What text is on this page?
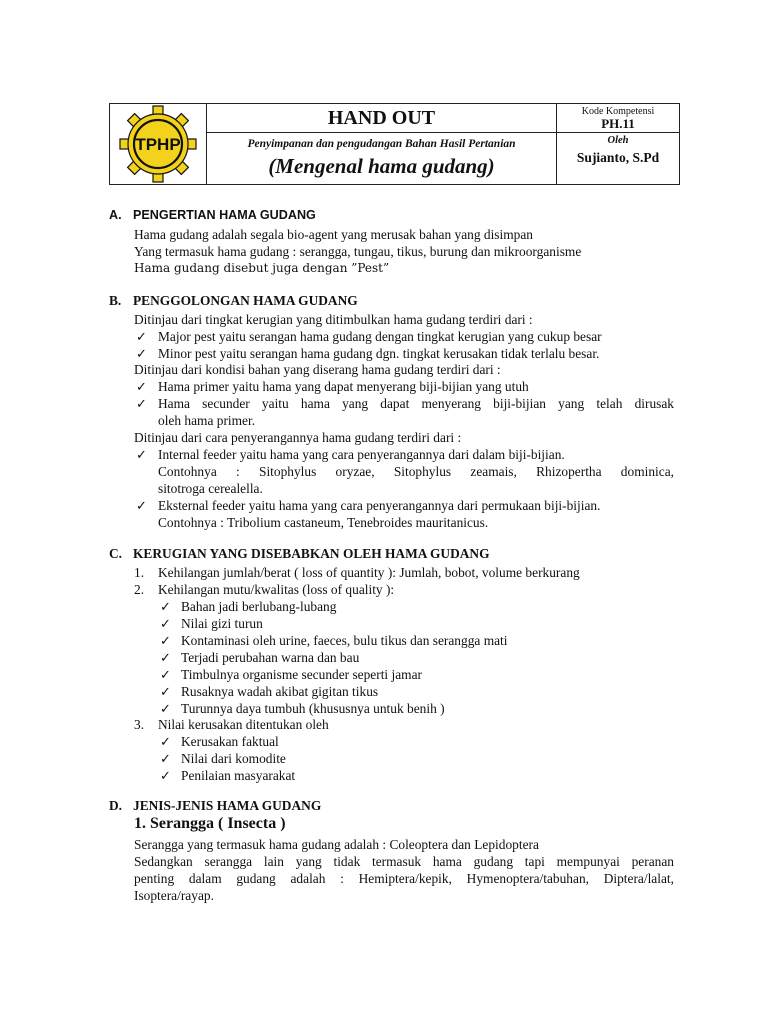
TPHP
HAND OUT
Penyimpanan dan pengudangan Bahan Hasil Pertanian
(Mengenal hama gudang)
Kode Kompetensi
PH.11
Oleh
Sujianto, S.Pd
A. PENGERTIAN HAMA GUDANG
Hama gudang adalah segala bio-agent yang merusak bahan yang disimpan
Yang termasuk hama gudang : serangga, tungau, tikus, burung dan mikroorganisme
Hama gudang disebut juga dengan ”Pest”
B. PENGGOLONGAN HAMA GUDANG
Ditinjau dari tingkat kerugian yang ditimbulkan hama gudang terdiri dari :
✓ Major pest yaitu serangan hama gudang dengan tingkat kerugian yang cukup besar
✓ Minor pest yaitu serangan hama gudang dgn. tingkat kerusakan tidak terlalu besar.
Ditinjau dari kondisi bahan yang diserang hama gudang terdiri dari :
✓ Hama primer yaitu hama yang dapat menyerang biji-bijian yang utuh
✓ Hama secunder yaitu hama yang dapat menyerang biji-bijian yang telah dirusak
oleh hama primer.
Ditinjau dari cara penyerangannya hama gudang terdiri dari :
✓ Internal feeder yaitu hama yang cara penyerangannya dari dalam biji-bijian.
Contohnya : Sitophylus oryzae, Sitophylus zeamais, Rhizopertha dominica,
sitotroga cerealella.
✓ Eksternal feeder yaitu hama yang cara penyerangannya dari permukaan biji-bijian.
Contohnya : Tribolium castaneum, Tenebroides mauritanicus.
C. KERUGIAN YANG DISEBABKAN OLEH HAMA GUDANG
1. Kehilangan jumlah/berat ( loss of quantity ): Jumlah, bobot, volume berkurang
2. Kehilangan mutu/kwalitas (loss of quality ):
✓ Bahan jadi berlubang-lubang
✓ Nilai gizi turun
✓ Kontaminasi oleh urine, faeces, bulu tikus dan serangga mati
✓ Terjadi perubahan warna dan bau
✓ Timbulnya organisme secunder seperti jamar
✓ Rusaknya wadah akibat gigitan tikus
✓ Turunnya daya tumbuh (khususnya untuk benih )
3. Nilai kerusakan ditentukan oleh
✓ Kerusakan faktual
✓ Nilai dari komodite
✓ Penilaian masyarakat
D. JENIS-JENIS HAMA GUDANG
1. Serangga ( Insecta )
Serangga yang termasuk hama gudang adalah : Coleoptera dan Lepidoptera
Sedangkan serangga lain yang tidak termasuk hama gudang tapi mempunyai peranan
penting dalam gudang adalah : Hemiptera/kepik, Hymenoptera/tabuhan, Diptera/lalat,
Isoptera/rayap.
